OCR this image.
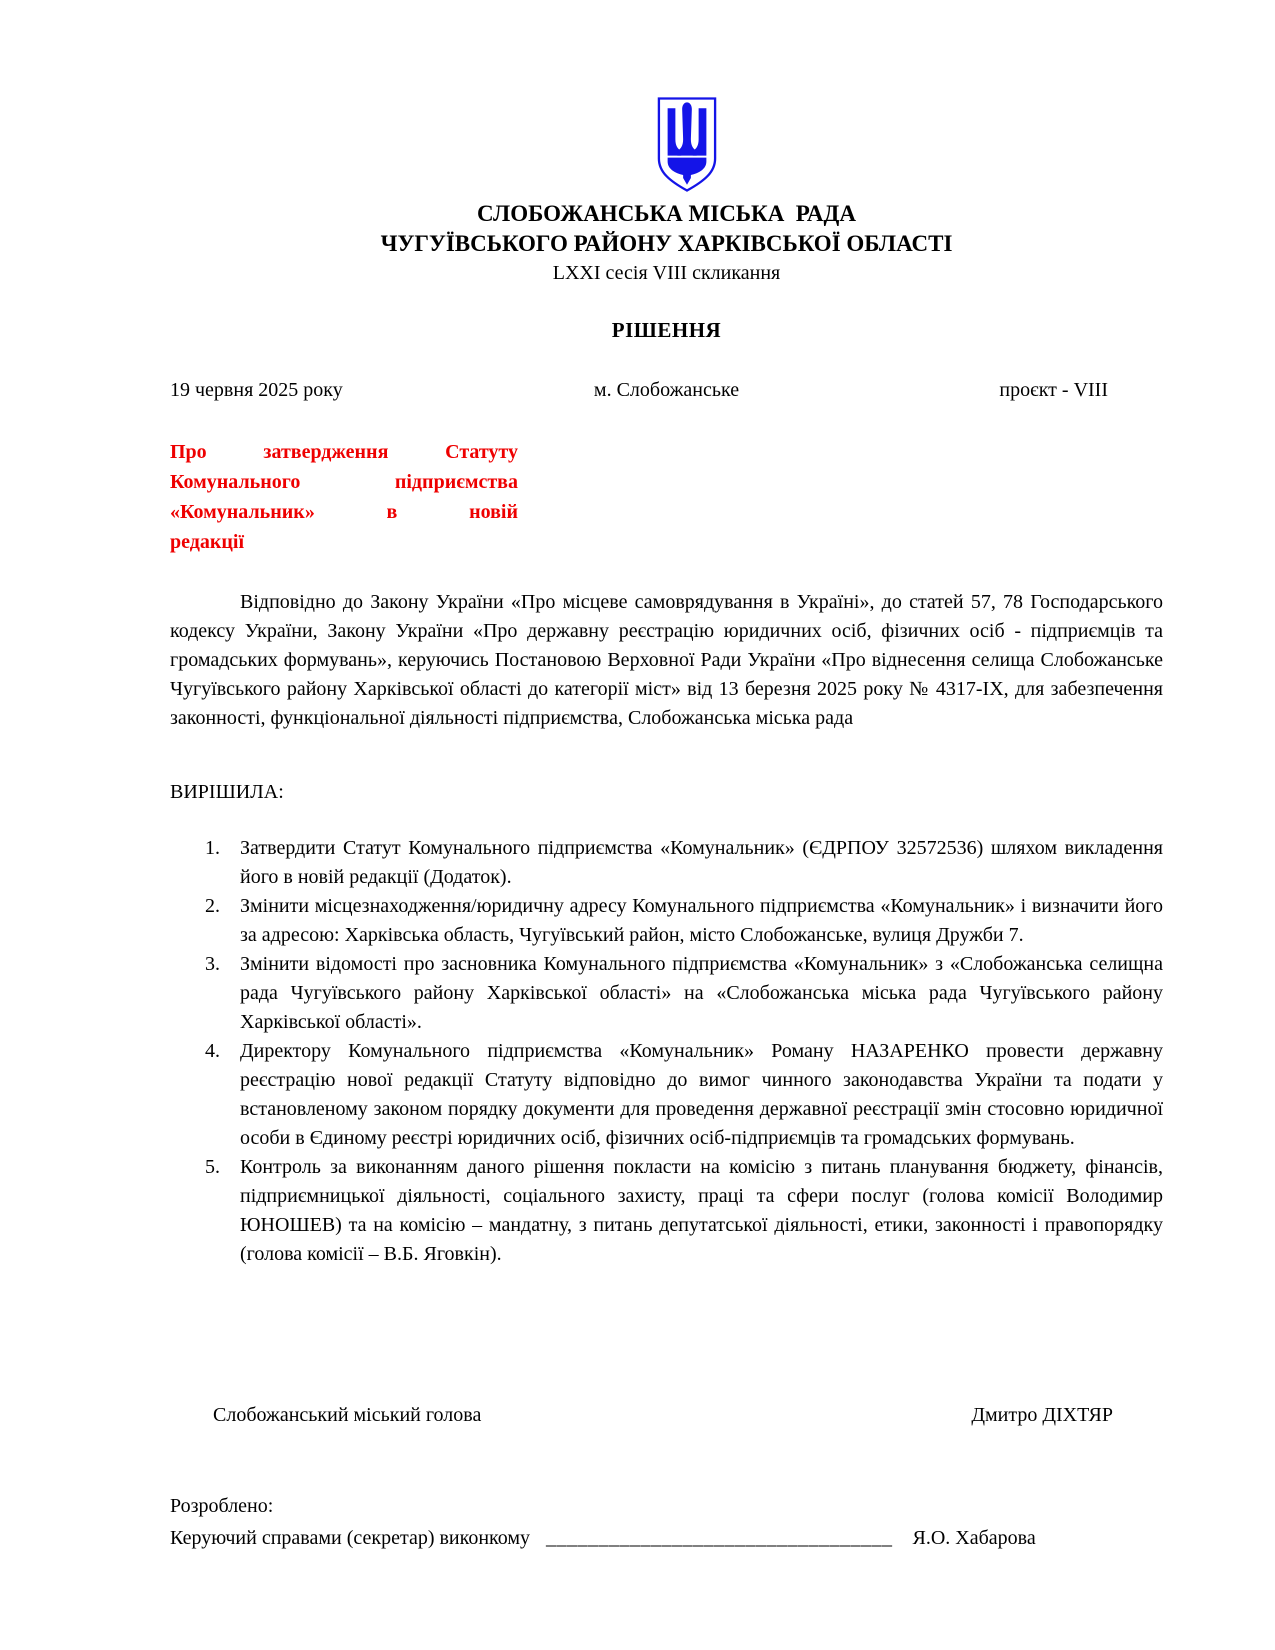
СЛОБОЖАНСЬКА МІСЬКА  РАДА
ЧУГУЇВСЬКОГО РАЙОНУ ХАРКІВСЬКОЇ ОБЛАСТІ
LXXI сесія VIII скликання
РІШЕННЯ
19 червня 2025 року	м. Слобожанське	проєкт - VIII
Про затвердження Статуту
Комунального підприємства
«Комунальник» в новій
редакції
Відповідно до Закону України «Про місцеве самоврядування в Україні», до статей 57, 78 Господарського кодексу України, Закону України «Про державну реєстрацію юридичних осіб, фізичних осіб - підприємців та громадських формувань», керуючись Постановою Верховної Ради України «Про віднесення селища Слобожанське Чугуївського району Харківської області до категорії міст» від 13 березня 2025 року № 4317-IX, для забезпечення законності, функціональної діяльності підприємства, Слобожанська міська рада
ВИРІШИЛА:
1. Затвердити Статут Комунального підприємства «Комунальник» (ЄДРПОУ 32572536) шляхом викладення його в новій редакції (Додаток).
2. Змінити місцезнаходження/юридичну адресу Комунального підприємства «Комунальник» і визначити його за адресою: Харківська область, Чугуївський район, місто Слобожанське, вулиця Дружби 7.
3. Змінити відомості про засновника Комунального підприємства «Комунальник» з «Слобожанська селищна рада Чугуївського району Харківської області» на «Слобожанська міська рада Чугуївського району Харківської області».
4. Директору Комунального підприємства «Комунальник» Роману НАЗАРЕНКО провести державну реєстрацію нової редакції Статуту відповідно до вимог чинного законодавства України та подати у встановленому законом порядку документи для проведення державної реєстрації змін стосовно юридичної особи в Єдиному реєстрі юридичних осіб, фізичних осіб-підприємців та громадських формувань.
5. Контроль за виконанням даного рішення покласти на комісію з питань планування бюджету, фінансів, підприємницької діяльності, соціального захисту, праці та сфери послуг (голова комісії Володимир ЮНОШЕВ) та на комісію – мандатну, з питань депутатської діяльності, етики, законності і правопорядку (голова комісії – В.Б. Яговкін).
Слобожанський міський голова	Дмитро ДІХТЯР
Розроблено:
Керуючий справами (секретар) виконкому _________________________________ Я.О. Хабарова
